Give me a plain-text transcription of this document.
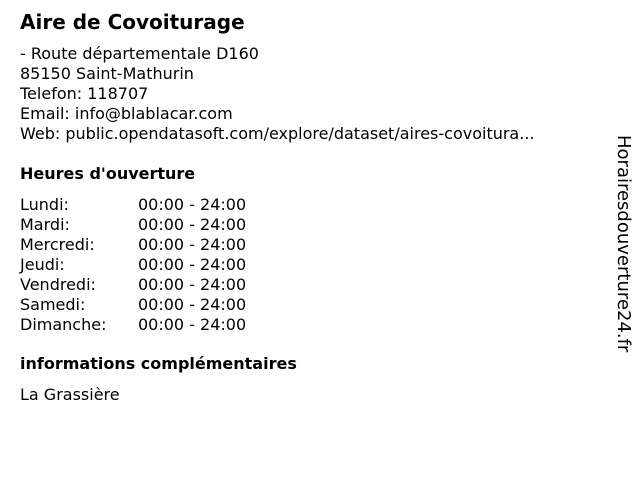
Aire de Covoiturage
- Route départementale D160
85150 Saint-Mathurin
Telefon: 118707
Email: info@blablacar.com
Web: public.opendatasoft.com/explore/dataset/aires-covoitura...
Heures d'ouverture
Lundi:	00:00 - 24:00
Mardi:	00:00 - 24:00
Mercredi:	00:00 - 24:00
Jeudi:	00:00 - 24:00
Vendredi:	00:00 - 24:00
Samedi:	00:00 - 24:00
Dimanche:	00:00 - 24:00
informations complémentaires
La Grassière
Horairesdouverture24.fr
